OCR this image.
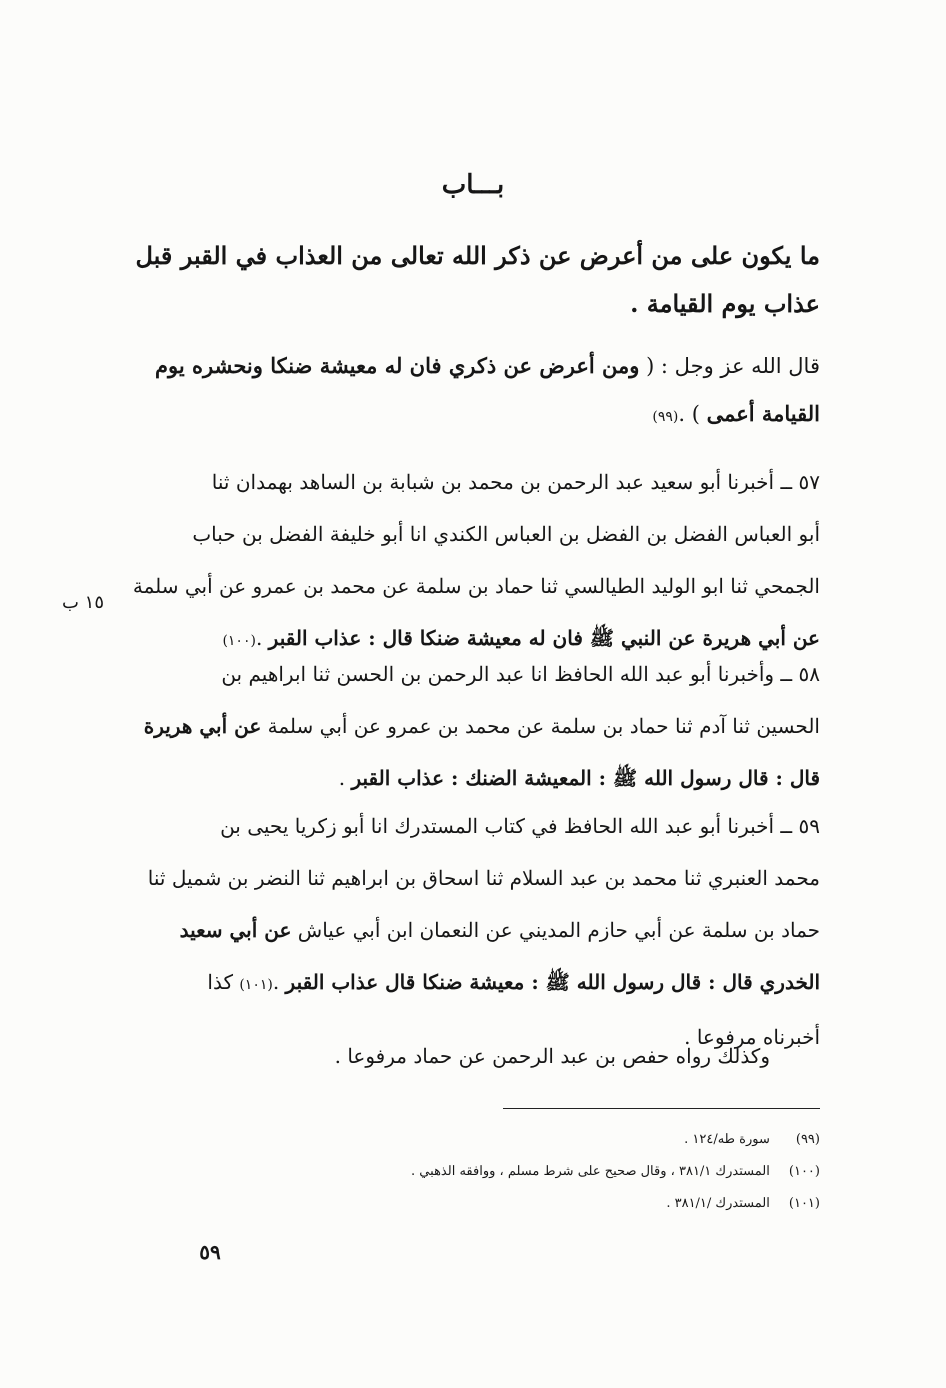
بـــاب
ما يكون على من أعرض عن ذكر الله تعالى من العذاب في القبر قبل عذاب يوم القيامة .
قال الله عز وجل : ( ومن أعرض عن ذكري فان له معيشة ضنكا ونحشره يوم القيامة أعمى ) .(٩٩)
٥٧ ــ أخبرنا أبو سعيد عبد الرحمن بن محمد بن شبابة بن الساهد بهمدان ثنا
أبو العباس الفضل بن الفضل بن العباس الكندي انا أبو خليفة الفضل بن حباب
الجمحي ثنا ابو الوليد الطيالسي ثنا حماد بن سلمة عن محمد بن عمرو عن أبي سلمة
عن أبي هريرة عن النبي ﷺ فان له معيشة ضنكا قال : عذاب القبر .(١٠٠)
١٥ ب
٥٨ ــ وأخبرنا أبو عبد الله الحافظ انا عبد الرحمن بن الحسن ثنا ابراهيم بن
الحسين ثنا آدم ثنا حماد بن سلمة عن محمد بن عمرو عن أبي سلمة عن أبي هريرة
قال : قال رسول الله ﷺ : المعيشة الضنك : عذاب القبر .
٥٩ ــ أخبرنا أبو عبد الله الحافظ في كتاب المستدرك انا أبو زكريا يحيى بن
محمد العنبري ثنا محمد بن عبد السلام ثنا اسحاق بن ابراهيم ثنا النضر بن شميل ثنا
حماد بن سلمة عن أبي حازم المديني عن النعمان ابن أبي عياش عن أبي سعيد
الخدري قال : قال رسول الله ﷺ : معيشة ضنكا قال عذاب القبر .(١٠١) كذا
أخبرناه مرفوعا .
وكذلك رواه حفص بن عبد الرحمن عن حماد مرفوعا .
(٩٩) سورة طه/١٢٤ .
(١٠٠) المستدرك ٣٨١/١ ، وقال صحيح على شرط مسلم ، ووافقه الذهبي .
(١٠١) المستدرك /٣٨١/١ .
٥٩
